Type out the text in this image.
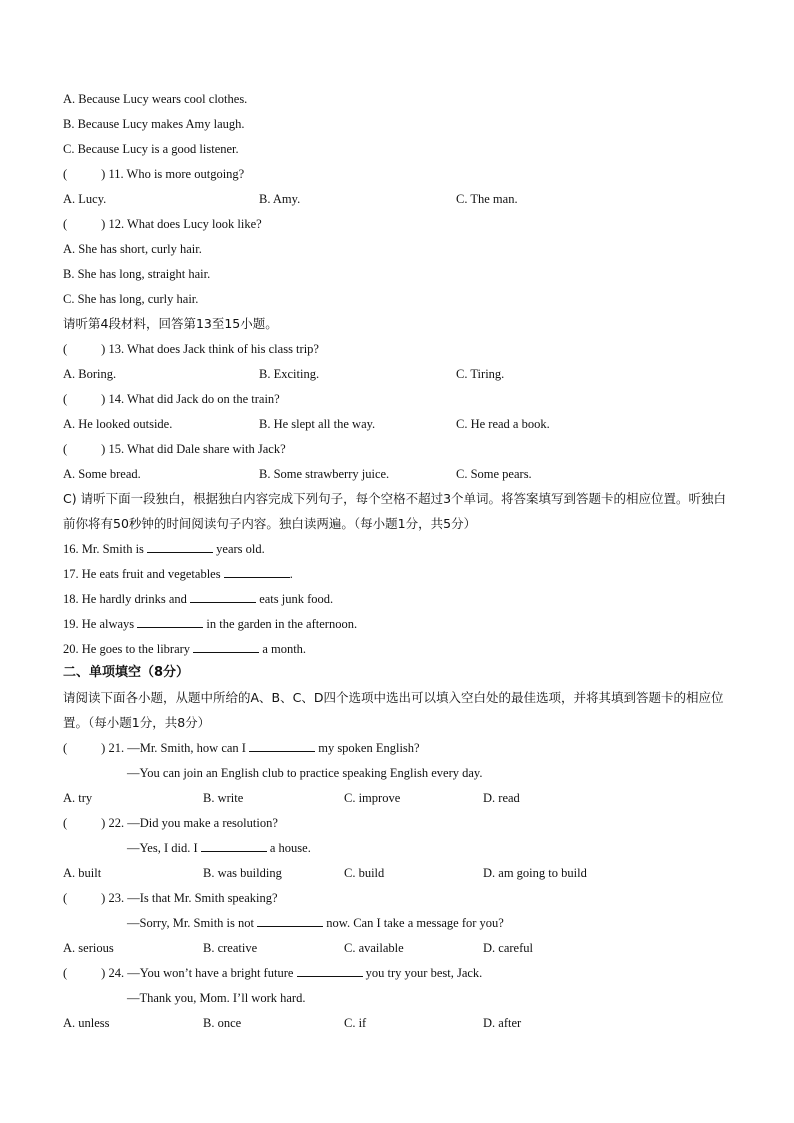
A. Because Lucy wears cool clothes.
B. Because Lucy makes Amy laugh.
C. Because Lucy is a good listener.
(	) 11. Who is more outgoing?
A. Lucy.	B. Amy.	C. The man.
(	) 12. What does Lucy look like?
A. She has short, curly hair.
B. She has long, straight hair.
C. She has long, curly hair.
请听第4段材料，回答第13至15小题。
(	) 13. What does Jack think of his class trip?
A. Boring.	B. Exciting.	C. Tiring.
(	) 14. What did Jack do on the train?
A. He looked outside.	B. He slept all the way.	C. He read a book.
(	) 15. What did Dale share with Jack?
A. Some bread.	B. Some strawberry juice.	C. Some pears.
C) 请听下面一段独白，根据独白内容完成下列句子，每个空格不超过3个单词。将答案填写到答题卡的相应位置。听独白前你将有50秒钟的时间阅读句子内容。独白读两遍。（每小题1分，共5分）
16. Mr. Smith is	years old.
17. He eats fruit and vegetables	.
18. He hardly drinks and	eats junk food.
19. He always	in the garden in the afternoon.
20. He goes to the library	a month.
二、单项填空（8分）
请阅读下面各小题，从题中所给的A、B、C、D四个选项中选出可以填入空白处的最佳选项，并将其填到答题卡的相应位置。（每小题1分，共8分）
(	) 21. —Mr. Smith, how can I	my spoken English?
—You can join an English club to practice speaking English every day.
A. try	B. write	C. improve	D. read
(	) 22. —Did you make a resolution?
—Yes, I did. I	a house.
A. built	B. was building	C. build	D. am going to build
(	) 23. —Is that Mr. Smith speaking?
—Sorry, Mr. Smith is not	now. Can I take a message for you?
A. serious	B. creative	C. available	D. careful
(	) 24. —You won’t have a bright future	you try your best, Jack.
—Thank you, Mom. I’ll work hard.
A. unless	B. once	C. if	D. after
